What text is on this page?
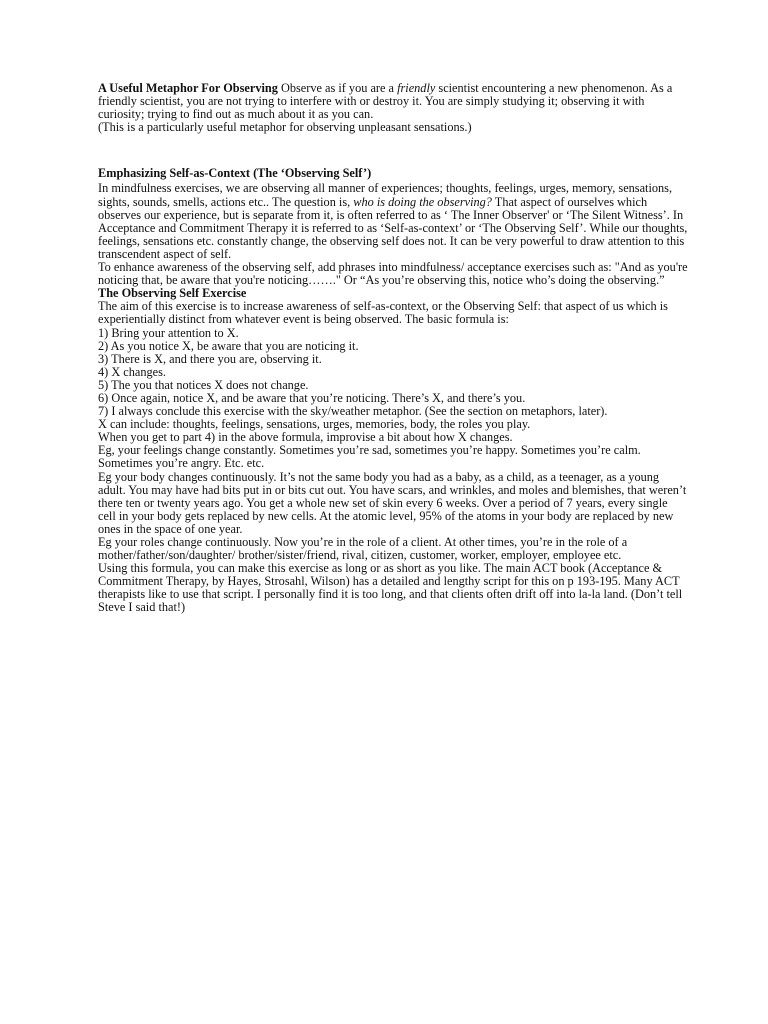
A Useful Metaphor For Observing Observe as if you are a friendly scientist encountering a new phenomenon. As a friendly scientist, you are not trying to interfere with or destroy it. You are simply studying it; observing it with curiosity; trying to find out as much about it as you can.

(This is a particularly useful metaphor for observing unpleasant sensations.)

Emphasizing Self-as-Context (The ‘Observing Self’)

In mindfulness exercises, we are observing all manner of experiences; thoughts, feelings, urges, memory, sensations, sights, sounds, smells, actions etc.. The question is, who is doing the observing? That aspect of ourselves which observes our experience, but is separate from it, is often referred to as ‘ The Inner Observer' or ‘The Silent Witness’. In Acceptance and Commitment Therapy it is referred to as ‘Self-as-context’ or ‘The Observing Self’. While our thoughts, feelings, sensations etc. constantly change, the observing self does not. It can be very powerful to draw attention to this transcendent aspect of self.

To enhance awareness of the observing self, add phrases into mindfulness/ acceptance exercises such as: "And as you're noticing that, be aware that you're noticing……." Or “As you’re observing this, notice who’s doing the observing.”

The Observing Self Exercise

The aim of this exercise is to increase awareness of self-as-context, or the Observing Self: that aspect of us which is experientially distinct from whatever event is being observed. The basic formula is:

1) Bring your attention to X.

2) As you notice X, be aware that you are noticing it.

3) There is X, and there you are, observing it.

4) X changes.

5) The you that notices X does not change.

6) Once again, notice X, and be aware that you’re noticing. There’s X, and there’s you.

7) I always conclude this exercise with the sky/weather metaphor. (See the section on metaphors, later).

X can include: thoughts, feelings, sensations, urges, memories, body, the roles you play.

When you get to part 4) in the above formula, improvise a bit about how X changes.

Eg, your feelings change constantly. Sometimes you’re sad, sometimes you’re happy. Sometimes you’re calm. Sometimes you’re angry. Etc. etc.

Eg your body changes continuously. It’s not the same body you had as a baby, as a child, as a teenager, as a young adult. You may have had bits put in or bits cut out. You have scars, and wrinkles, and moles and blemishes, that weren’t there ten or twenty years ago. You get a whole new set of skin every 6 weeks. Over a period of 7 years, every single cell in your body gets replaced by new cells. At the atomic level, 95% of the atoms in your body are replaced by new ones in the space of one year.

Eg your roles change continuously. Now you’re in the role of a client. At other times, you’re in the role of a mother/father/son/daughter/ brother/sister/friend, rival, citizen, customer, worker, employer, employee etc.

Using this formula, you can make this exercise as long or as short as you like. The main ACT book (Acceptance & Commitment Therapy, by Hayes, Strosahl, Wilson) has a detailed and lengthy script for this on p 193-195. Many ACT therapists like to use that script. I personally find it is too long, and that clients often drift off into la-la land. (Don’t tell Steve I said that!)
